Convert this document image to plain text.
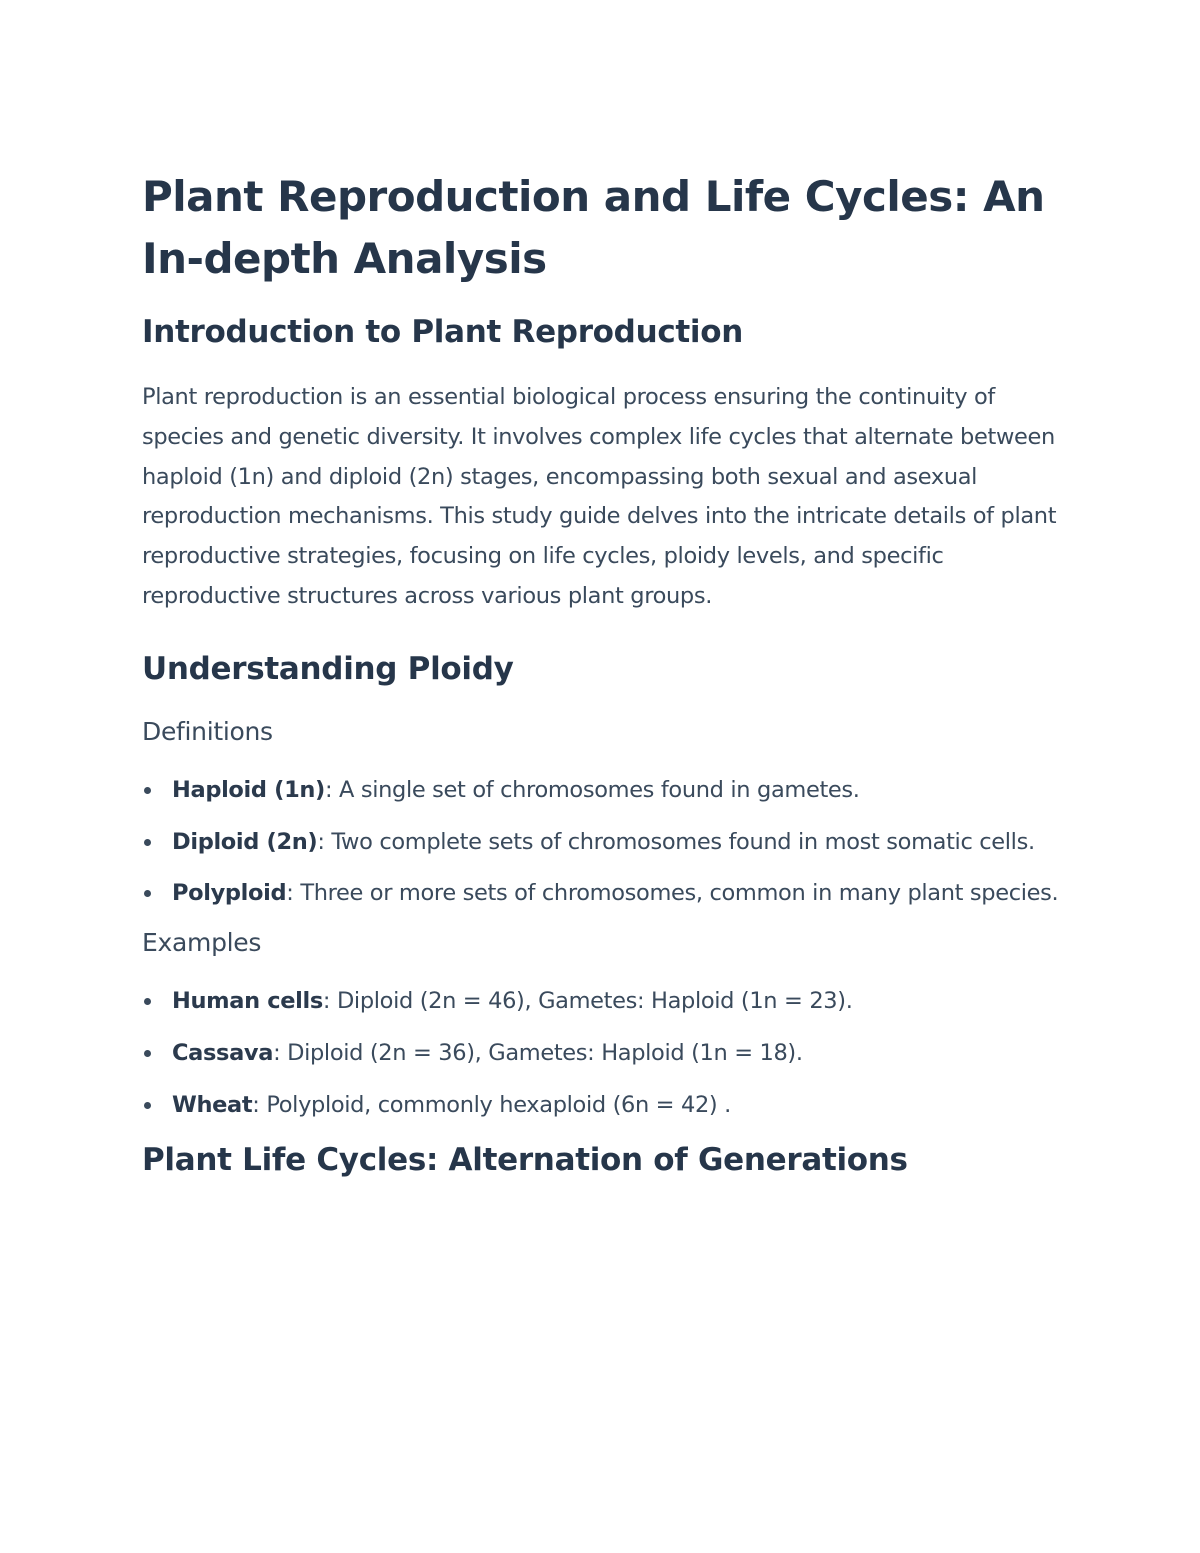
Plant Reproduction and Life Cycles: An In-depth Analysis
Introduction to Plant Reproduction

Plant reproduction is an essential biological process ensuring the continuity of species and genetic diversity. It involves complex life cycles that alternate between haploid (1n) and diploid (2n) stages, encompassing both sexual and asexual reproduction mechanisms. This study guide delves into the intricate details of plant reproductive strategies, focusing on life cycles, ploidy levels, and specific reproductive structures across various plant groups.

Understanding Ploidy
Definitions
Haploid (1n): A single set of chromosomes found in gametes.
Diploid (2n): Two complete sets of chromosomes found in most somatic cells.
Polyploid: Three or more sets of chromosomes, common in many plant species.
Examples
Human cells: Diploid (2n = 46), Gametes: Haploid (1n = 23).
Cassava: Diploid (2n = 36), Gametes: Haploid (1n = 18).
Wheat: Polyploid, commonly hexaploid (6n = 42) .
Plant Life Cycles: Alternation of Generations
